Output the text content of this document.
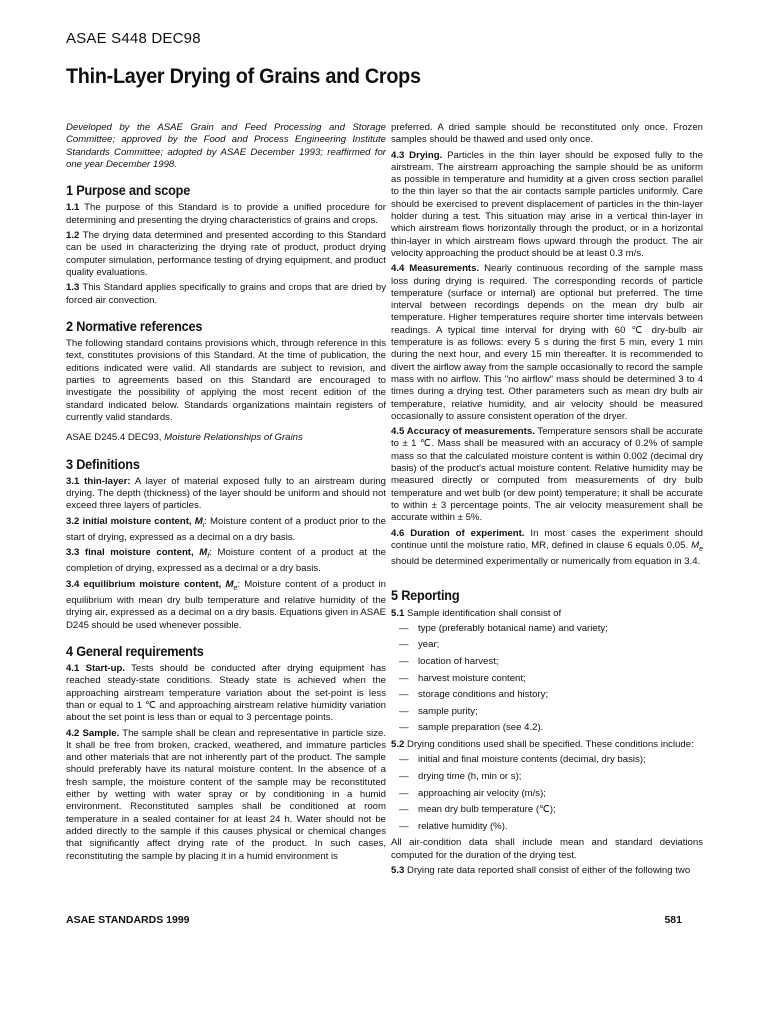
ASAE S448 DEC98
Thin-Layer Drying of Grains and Crops

Developed by the ASAE Grain and Feed Processing and Storage Committee; approved by the Food and Process Engineering Institute Standards Committee; adopted by ASAE December 1993; reaffirmed for one year December 1998.

1 Purpose and scope

1.1 The purpose of this Standard is to provide a unified procedure for determining and presenting the drying characteristics of grains and crops.

1.2 The drying data determined and presented according to this Standard can be used in characterizing the drying rate of product, product drying computer simulation, performance testing of drying equipment, and product quality evaluations.

1.3 This Standard applies specifically to grains and crops that are dried by forced air convection.

2 Normative references

The following standard contains provisions which, through reference in this text, constitutes provisions of this Standard. At the time of publication, the editions indicated were valid. All standards are subject to revision, and parties to agreements based on this Standard are encouraged to investigate the possibility of applying the most recent edition of the standard indicated below. Standards organizations maintain registers of currently valid standards.

ASAE D245.4 DEC93, Moisture Relationships of Grains

3 Definitions

3.1 thin-layer: A layer of material exposed fully to an airstream during drying. The depth (thickness) of the layer should be uniform and should not exceed three layers of particles.

3.2 initial moisture content, $M_i$: Moisture content of a product prior to the start of drying, expressed as a decimal on a dry basis.

3.3 final moisture content, $M_f$: Moisture content of a product at the completion of drying, expressed as a decimal or a dry basis.

3.4 equilibrium moisture content, $M_e$: Moisture content of a product in equilibrium with mean dry bulb temperature and relative humidity of the drying air, expressed as a decimal on a dry basis. Equations given in ASAE D245 should be used whenever possible.

4 General requirements

4.1 Start-up. Tests should be conducted after drying equipment has reached steady-state conditions. Steady state is achieved when the approaching airstream temperature variation about the set-point is less than or equal to 1 ℃ and approaching airstream relative humidity variation about the set point is less than or equal to 3 percentage points.

4.2 Sample. The sample shall be clean and representative in particle size. It shall be free from broken, cracked, weathered, and immature particles and other materials that are not inherently part of the product. The sample should preferably have its natural moisture content. In the absence of a fresh sample, the moisture content of the sample may be reconstituted either by wetting with water spray or by conditioning in a humid environment. Reconstituted samples shall be conditioned at room temperature in a sealed container for at least 24 h. Water should not be added directly to the sample if this causes physical or chemical changes that significantly affect drying rate of the product. In such cases, reconstituting the sample by placing it in a humid environment is

preferred. A dried sample should be reconstituted only once. Frozen samples should be thawed and used only once.

4.3 Drying. Particles in the thin layer should be exposed fully to the airstream. The airstream approaching the sample should be as uniform as possible in temperature and humidity at a given cross section parallel to the thin layer so that the air contacts sample particles uniformly. Care should be exercised to prevent displacement of particles in the thin-layer holder during a test. This situation may arise in a vertical thin-layer in which airstream flows horizontally through the product, or in a horizontal thin-layer in which airstream flows upward through the product. The air velocity approaching the product should be at least 0.3 m/s.

4.4 Measurements. Nearly continuous recording of the sample mass loss during drying is required. The corresponding records of particle temperature (surface or internal) are optional but preferred. The time interval between recordings depends on the mean dry bulb air temperature. Higher temperatures require shorter time intervals between readings. A typical time interval for drying with 60 ℃ dry-bulb air temperature is as follows: every 5 s during the first 5 min, every 1 min during the next hour, and every 15 min thereafter. It is recommended to divert the airflow away from the sample occasionally to record the sample mass with no airflow. This "no airflow" mass should be determined 3 to 4 times during a drying test. Other parameters such as mean dry bulb air temperature, relative humidity, and air velocity should be measured occasionally to assure consistent operation of the dryer.

4.5 Accuracy of measurements. Temperature sensors shall be accurate to ± 1 ℃. Mass shall be measured with an accuracy of 0.2% of sample mass so that the calculated moisture content is within 0.002 (decimal dry basis) of the product's actual moisture content. Relative humidity may be measured directly or computed from measurements of dry bulb temperature and wet bulb (or dew point) temperature; it shall be accurate to within ± 3 percentage points. The air velocity measurement shall be accurate within ± 5%.

4.6 Duration of experiment. In most cases the experiment should continue until the moisture ratio, MR, defined in clause 6 equals 0.05. $M_e$ should be determined experimentally or numerically from equation in 3.4.

5 Reporting

5.1 Sample identification shall consist of

— type (preferably botanical name) and variety;
— year;
— location of harvest;
— harvest moisture content;
— storage conditions and history;
— sample purity;
— sample preparation (see 4.2).

5.2 Drying conditions used shall be specified. These conditions include:

— initial and final moisture contents (decimal, dry basis);
— drying time (h, min or s);
— approaching air velocity (m/s);
— mean dry bulb temperature (℃);
— relative humidity (%).

All air-condition data shall include mean and standard deviations computed for the duration of the drying test.

5.3 Drying rate data reported shall consist of either of the following two

ASAE STANDARDS 1999	581
